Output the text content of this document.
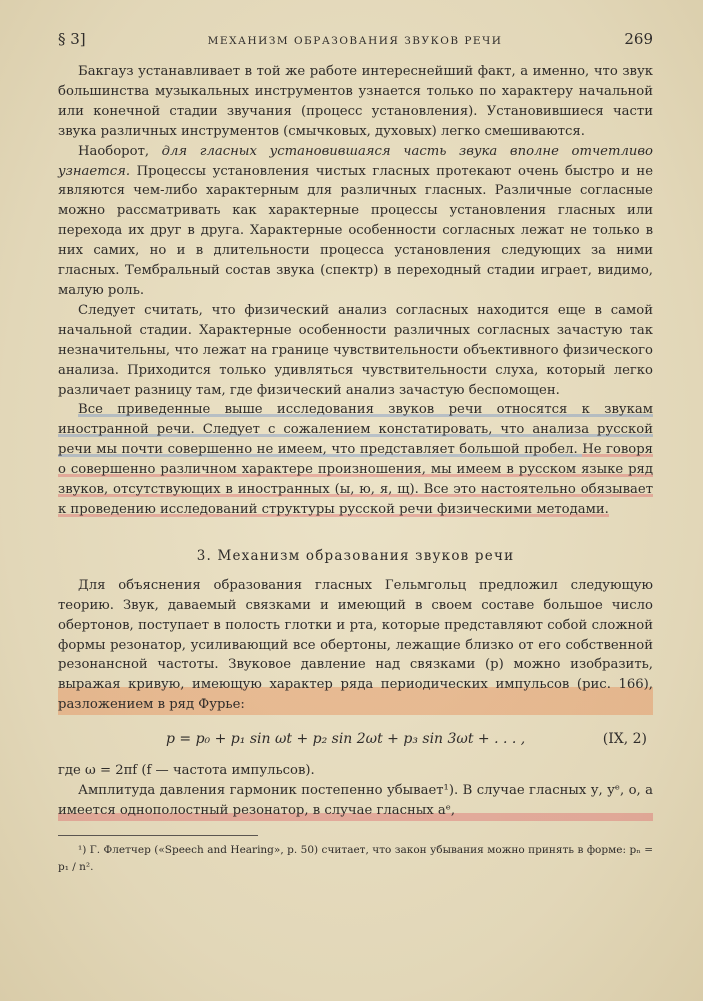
§ 3]	МЕХАНИЗМ ОБРАЗОВАНИЯ ЗВУКОВ РЕЧИ	269

Бакгауз устанавливает в той же работе интереснейший факт, а именно, что звук большинства музыкальных инструментов узнается только по характеру начальной или конечной стадии звучания (процесс установления). Установившиеся части звука различных инструментов (смычковых, духовых) легко смешиваются.

Наоборот, для гласных установившаяся часть звука вполне отчетливо узнается. Процессы установления чистых гласных протекают очень быстро и не являются чем-либо характерным для различных гласных. Различные согласные можно рассматривать как характерные процессы установления гласных или перехода их друг в друга. Характерные особенности согласных лежат не только в них самих, но и в длительности процесса установления следующих за ними гласных. Тембральный состав звука (спектр) в переходный стадии играет, видимо, малую роль.

Следует считать, что физический анализ согласных находится еще в самой начальной стадии. Характерные особенности различных согласных зачастую так незначительны, что лежат на границе чувствительности объективного физического анализа. Приходится только удивляться чувствительности слуха, который легко различает разницу там, где физический анализ зачастую беспомощен.

Все приведенные выше исследования звуков речи относятся к звукам иностранной речи. Следует с сожалением констатировать, что анализа русской речи мы почти совершенно не имеем, что представляет большой пробел. Не говоря о совершенно различном характере произношения, мы имеем в русском языке ряд звуков, отсутствующих в иностранных (ы, ю, я, щ). Все это настоятельно обязывает к проведению исследований структуры русской речи физическими методами.

3. Механизм образования звуков речи

Для объяснения образования гласных Гельмгольц предложил следующую теорию. Звук, даваемый связками и имеющий в своем составе большое число обертонов, поступает в полость глотки и рта, которые представляют собой сложной формы резонатор, усиливающий все обертоны, лежащие близко от его собственной резонансной частоты. Звуковое давление над связками (p) можно изобразить, выражая кривую, имеющую характер ряда периодических импульсов (рис. 166), разложением в ряд Фурье:

p = p₀ + p₁ sin ωt + p₂ sin 2ωt + p₃ sin 3ωt + . . . ,	(IX, 2)

где ω = 2πf (f — частота импульсов).

Амплитуда давления гармоник постепенно убывает¹). В случае гласных у, уᵉ, о, а имеется однополостный резонатор, в случае гласных aᵉ,

¹) Г. Флетчер («Speech and Hearing», p. 50) считает, что закон убывания можно принять в форме: pₙ = p₁ / n².
